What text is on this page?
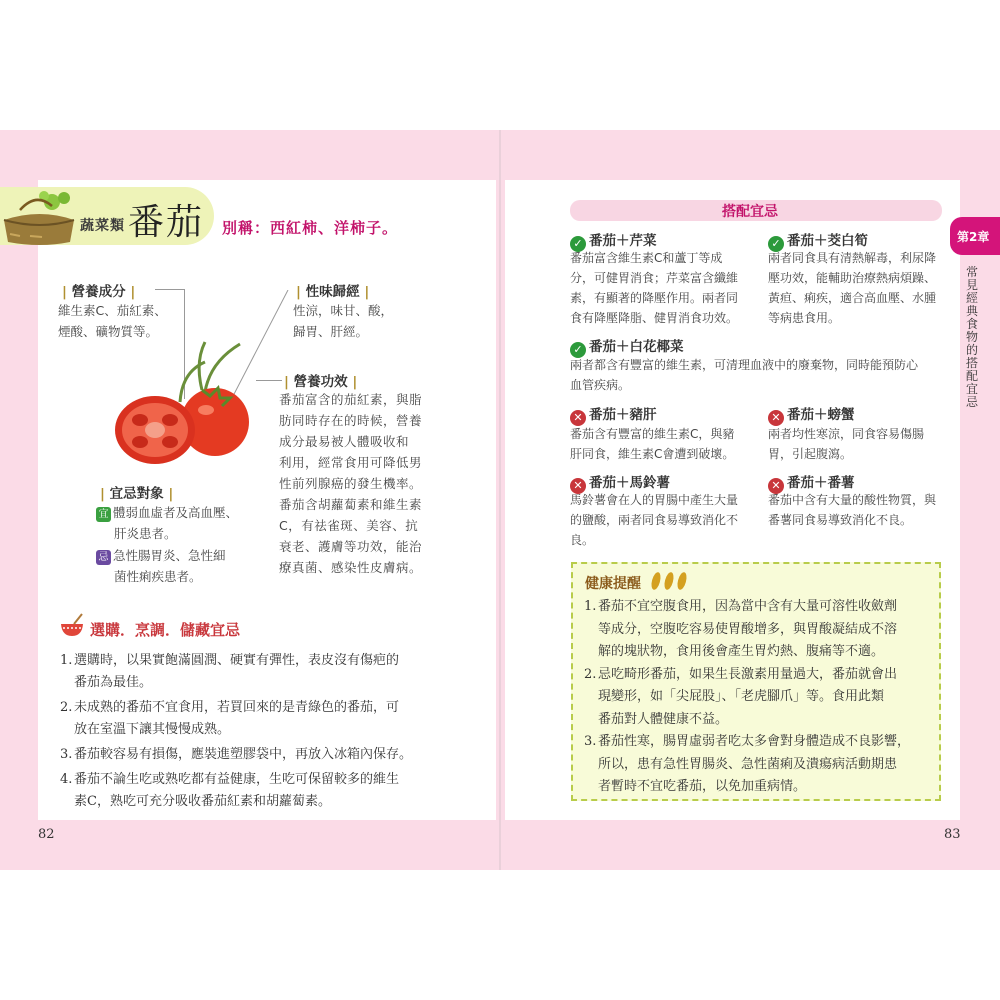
蔬菜類 番茄 別稱：西紅柿、洋柿子。
| 營養成分 |
維生素C、茄紅素、
煙酸、礦物質等。
| 性味歸經 |
性涼，味甘、酸，
歸胃、肝經。
| 營養功效 |
番茄富含的茄紅素，與脂
肪同時存在的時候，營養
成分最易被人體吸收和
利用，經常食用可降低男
性前列腺癌的發生機率。
番茄含胡蘿蔔素和維生素
C，有祛雀斑、美容、抗
衰老、護膚等功效，能治
療真菌、感染性皮膚病。
| 宜忌對象 |
宜 體弱血虛者及高血壓、
肝炎患者。
忌 急性腸胃炎、急性細
菌性痢疾患者。
選購．烹調．儲藏宜忌
1. 選購時，以果實飽滿圓潤、硬實有彈性，表皮沒有傷疤的
番茄為最佳。
2. 未成熟的番茄不宜食用，若買回來的是青綠色的番茄，可
放在室溫下讓其慢慢成熟。
3. 番茄較容易有損傷，應裝進塑膠袋中，再放入冰箱內保存。
4. 番茄不論生吃或熟吃都有益健康，生吃可保留較多的維生
素C，熟吃可充分吸收番茄紅素和胡蘿蔔素。
82
搭配宜忌
✓ 番茄＋芹菜
番茄富含維生素C和蘆丁等成
分，可健胃消食；芹菜富含纖維
素，有顯著的降壓作用。兩者同
食有降壓降脂、健胃消食功效。
✓ 番茄＋茭白筍
兩者同食具有清熱解毒，利尿降
壓功效，能輔助治療熱病煩躁、
黃疸、痢疾，適合高血壓、水腫
等病患食用。
✓ 番茄＋白花椰菜
兩者都含有豐富的維生素，可清理血液中的廢棄物，同時能預防心
血管疾病。
✕ 番茄＋豬肝
番茄含有豐富的維生素C，與豬
肝同食，維生素C會遭到破壞。
✕ 番茄＋螃蟹
兩者均性寒涼，同食容易傷腸
胃，引起腹瀉。
✕ 番茄＋馬鈴薯
馬鈴薯會在人的胃腸中產生大量
的鹽酸，兩者同食易導致消化不
良。
✕ 番茄＋番薯
番茄中含有大量的酸性物質，與
番薯同食易導致消化不良。
健康提醒
1. 番茄不宜空腹食用，因為當中含有大量可溶性收斂劑
等成分，空腹吃容易使胃酸增多，與胃酸凝結成不溶
解的塊狀物，食用後會產生胃灼熱、腹痛等不適。
2. 忌吃畸形番茄，如果生長激素用量過大，番茄就會出
現變形，如「尖屁股」、「老虎腳爪」等。食用此類
番茄對人體健康不益。
3. 番茄性寒，腸胃虛弱者吃太多會對身體造成不良影響，
所以，患有急性胃腸炎、急性菌痢及潰瘍病活動期患
者暫時不宜吃番茄，以免加重病情。
第2章
常見經典食物的搭配宜忌
83
